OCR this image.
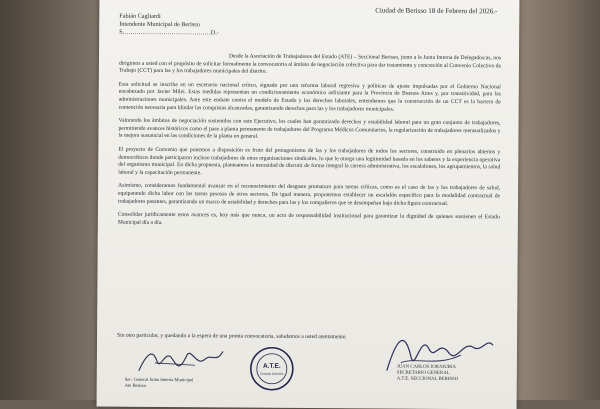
Ciudad de Berisso 18 de Febrero del 2026.-
Fabián Cagliardi
Intendente Municipal de Berisso
S.……………………………………D.-

Desde la Asociación de Trabajadores del Estado (ATE) – Seccional Berisso, junto a la Junta Interna de Delegados/as, nos dirigimos a usted con el propósito de solicitar formalmente la convocatoria al ámbito de negociación colectiva para dar tratamiento y concreción al Convenio Colectivo de Trabajo (CCT) para las y los trabajadores municipales del distrito.

Esta solicitud se inscribe en un escenario nacional crítico, signado por una reforma laboral regresiva y políticas de ajuste impulsadas por el Gobierno Nacional encabezado por Javier Milei. Estas medidas representan un condicionamiento económico asfixiante para la Provincia de Buenos Aires y, por transitividad, para las administraciones municipales. Ante este embate contra el modelo de Estado y los derechos laborales, entendemos que la construcción de un CCT es la barrera de contención necesaria para blindar las conquistas alcanzadas, garantizando derechos para las y los trabajadores municipales.

Valorando los ámbitos de negociación sostenidos con este Ejecutivo, los cuales han garantizado derechos y estabilidad laboral para un gran conjunto de trabajadores, permitiendo avances históricos como el pase a planta permanente de trabajadores del Programa Médicos Comunitarios, la regularización de trabajadores mensualizados y la mejora sustancial en las condiciones de la planta en general.

El proyecto de Convenio que ponemos a disposición es fruto del protagonismo de las y los trabajadores de todos los sectores, construido en plenarios abiertos y democráticos donde participaron incluso trabajadores de otras organizaciones sindicales, lo que le otorga una legitimidad basada en los saberes y la experiencia operativa del organismo municipal. En dicha propuesta, planteamos la necesidad de discutir de forma integral la carrera administrativa, los escalafones, los agrupamientos, la salud laboral y la capacitación permanente.

Asimismo, consideramos fundamental avanzar en el reconocimiento del desgaste prematuro para tareas críticas, como es el caso de las y los trabajadores de salud, equiparando dicha labor con las tareas pesosas de otros sectores. De igual manera, proponemos establecer un escalafón específico para la modalidad contractual de trabajadores pasantes, garantizando un marco de estabilidad y derechos para las y los compañeros que se desempeñan bajo dicha figura contractual.

Consolidar jurídicamente estos avances es, hoy más que nunca, un acto de responsabilidad institucional para garantizar la dignidad de quienes sostienen el Estado Municipal día a día.

Sin otro particular, y quedando a la espera de una pronta convocatoria, saludamos a usted atentamente.
Sec. General Junta Interna Municipal
Ate Berisso
A.T.E.
Consejo Directivo
JUAN CARLOS JORAJURIA
SECRETARIO GENERAL
A.T.E. SECCIONAL BERISSO
